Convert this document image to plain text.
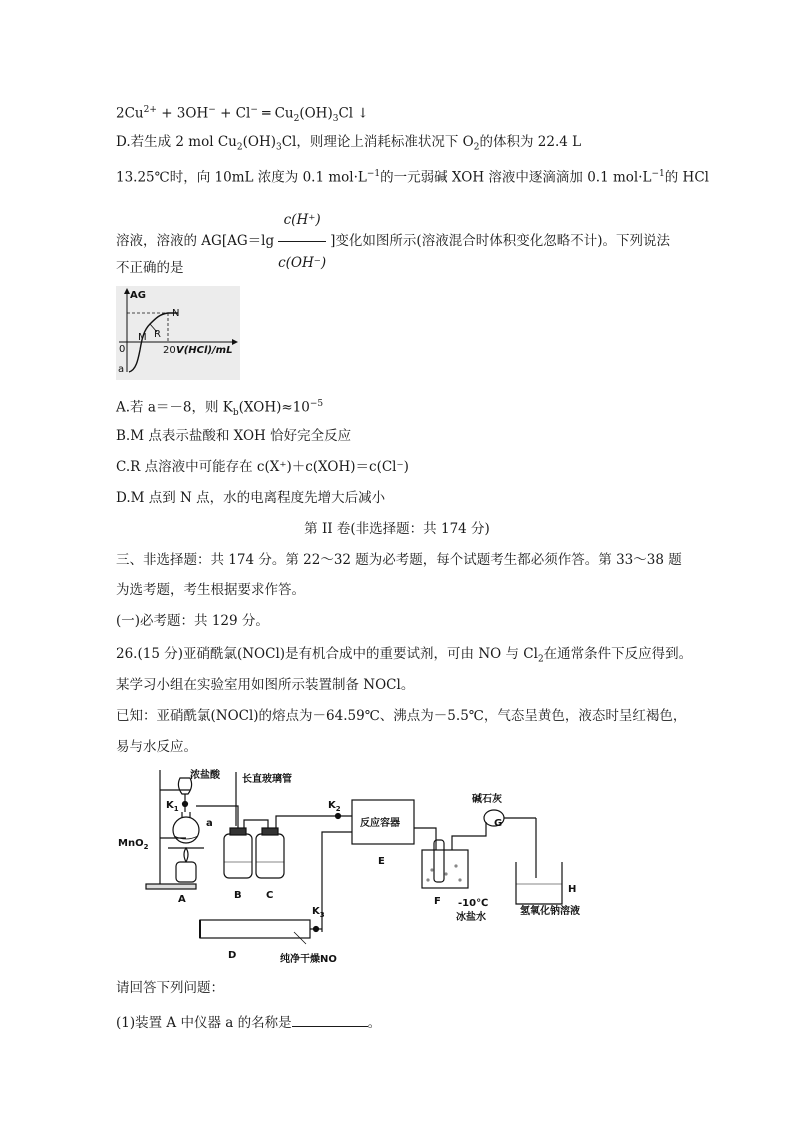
$2Cu^{2+} + 3OH^- + Cl^-$ ═ $Cu_2(OH)_3Cl$ ↓
D.若生成 2 mol $Cu_2(OH)_3Cl$，则理论上消耗标准状况下 $O_2$的体积为 22.4 L
13.25℃时，向 10mL 浓度为 0.1 $mol\cdot L^{-1}$的一元弱碱 XOH 溶液中逐滴滴加 0.1 $mol\cdot L^{-1}$的 HCl
溶液，溶液的 $AG[AG=\lg \frac{c(H^+)}{c(OH^-)}$ ]变化如图所示(溶液混合时体积变化忽略不计)。下列说法
不正确的是
AG
V(HCl)/mL
0	20
a
M R
N
A.若 a＝－8，则 $K_b(XOH)\approx 10^{-5}$
B.M 点表示盐酸和 XOH 恰好完全反应
C.R 点溶液中可能存在 c(X⁺)＋c(XOH)＝c(Cl⁻)
D.M 点到 N 点，水的电离程度先增大后减小
第 II 卷(非选择题：共 174 分)
三、非选择题：共 174 分。第 22～32 题为必考题，每个试题考生都必须作答。第 33～38 题
为选考题，考生根据要求作答。
(一)必考题：共 129 分。
26.(15 分)亚硝酰氯(NOCl)是有机合成中的重要试剂，可由 NO 与 $Cl_2$在通常条件下反应得到。
某学习小组在实验室用如图所示装置制备 NOCl。
已知：亚硝酰氯(NOCl)的熔点为－64.59℃、沸点为－5.5℃，气态呈黄色，液态时呈红褐色，
易与水反应。
浓盐酸 长直玻璃管
$K_1$	$K_2$
$K_3$
MnO$_2$
a	反应容器
碱石灰
G
A	B C
D
E
F
H
-10℃
冰盐水
氢氧化钠溶液
纯净干燥NO
请回答下列问题：
(1)装置 A 中仪器 a 的名称是	。
